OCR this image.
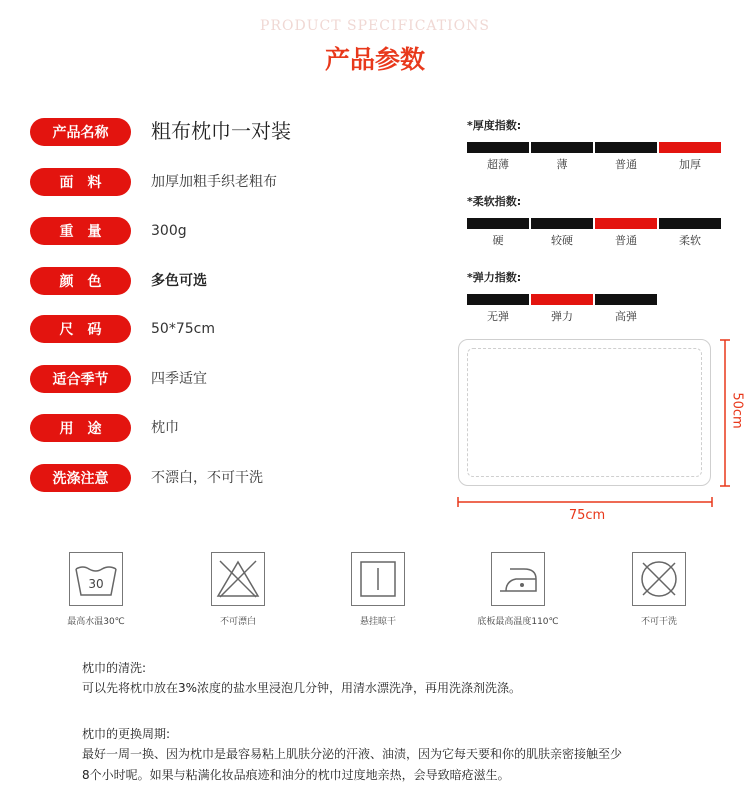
PRODUCT SPECIFICATIONS
产品参数
产品名称	粗布枕巾一对装
面　料	加厚加粗手织老粗布
重　量	300g
颜　色	多色可选
尺　码	50*75cm
适合季节	四季适宜
用　途	枕巾
洗涤注意	不漂白，不可干洗
*厚度指数:
超薄	薄	普通	加厚
*柔软指数:
硬	较硬	普通	柔软
*弹力指数:
无弹	弹力	高弹
75cm
50cm
30
最高水温30℃	不可漂白	悬挂晾干	底板最高温度110℃	不可干洗
枕巾的清洗:
可以先将枕巾放在3%浓度的盐水里浸泡几分钟，用清水漂洗净，再用洗涤剂洗涤。
枕巾的更换周期:
最好一周一换、因为枕巾是最容易粘上肌肤分泌的汗液、油渍，因为它每天要和你的肌肤亲密接触至少
8个小时呢。如果与粘满化妆品痕迹和油分的枕巾过度地亲热，会导致暗疮滋生。
